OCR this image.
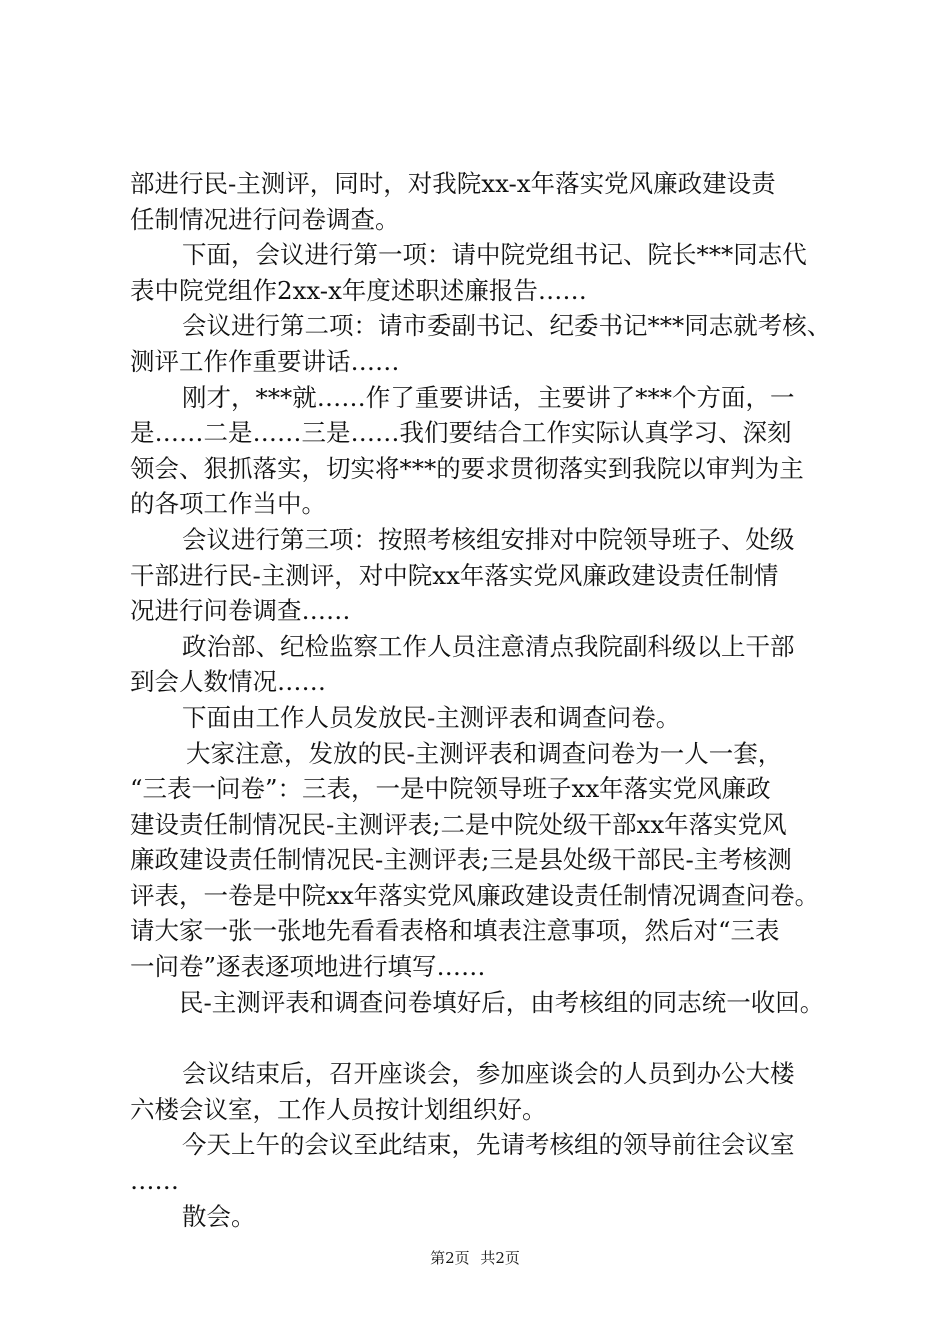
部进行民-主测评，同时，对我院xx-x年落实党风廉政建设责
任制情况进行问卷调查。
下面，会议进行第一项：请中院党组书记、院长***同志代
表中院党组作2xx-x年度述职述廉报告……
会议进行第二项：请市委副书记、纪委书记***同志就考核、
测评工作作重要讲话……
刚才，***就……作了重要讲话，主要讲了***个方面，一
是……二是……三是……我们要结合工作实际认真学习、深刻
领会、狠抓落实，切实将***的要求贯彻落实到我院以审判为主
的各项工作当中。
会议进行第三项：按照考核组安排对中院领导班子、处级
干部进行民-主测评，对中院xx年落实党风廉政建设责任制情
况进行问卷调查……
政治部、纪检监察工作人员注意清点我院副科级以上干部
到会人数情况……
下面由工作人员发放民-主测评表和调查问卷。
大家注意，发放的民-主测评表和调查问卷为一人一套，
“三表一问卷”：三表，一是中院领导班子xx年落实党风廉政
建设责任制情况民-主测评表;二是中院处级干部xx年落实党风
廉政建设责任制情况民-主测评表;三是县处级干部民-主考核测
评表，一卷是中院xx年落实党风廉政建设责任制情况调查问卷。
请大家一张一张地先看看表格和填表注意事项，然后对“三表
一问卷”逐表逐项地进行填写……
民-主测评表和调查问卷填好后，由考核组的同志统一收回。
会议结束后，召开座谈会，参加座谈会的人员到办公大楼
六楼会议室，工作人员按计划组织好。
今天上午的会议至此结束，先请考核组的领导前往会议室
……
散会。
第2页 共2页
